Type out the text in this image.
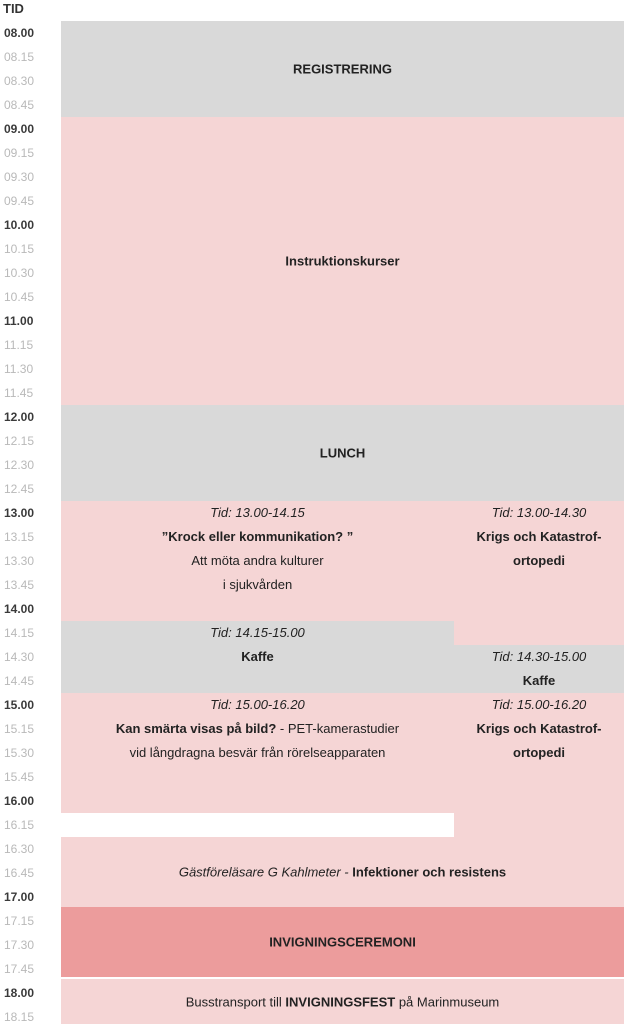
TID
08.00
08.15
08.30
08.45
09.00
09.15
09.30
09.45
10.00
10.15
10.30
10.45
11.00
11.15
11.30
11.45
12.00
12.15
12.30
12.45
13.00
13.15
13.30
13.45
14.00
14.15
14.30
14.45
15.00
15.15
15.30
15.45
16.00
16.15
16.30
16.45
17.00
17.15
17.30
17.45
18.00
18.15
REGISTRERING
Instruktionskurser
LUNCH
Tid: 13.00-14.15
”Krock eller kommunikation? ”
Att möta andra kulturer
i sjukvården
Tid: 13.00-14.30
Krigs och Katastrof-
ortopedi
Tid: 14.15-15.00
Kaffe	Tid: 14.30-15.00
Kaffe
Tid: 15.00-16.20
Kan smärta visas på bild? - PET-kamerastudier
vid långdragna besvär från rörelseapparaten
Tid: 15.00-16.20
Krigs och Katastrof-
ortopedi
Gästföreläsare G Kahlmeter - Infektioner och resistens
INVIGNINGSCEREMONI
Busstransport till INVIGNINGSFEST på Marinmuseum
